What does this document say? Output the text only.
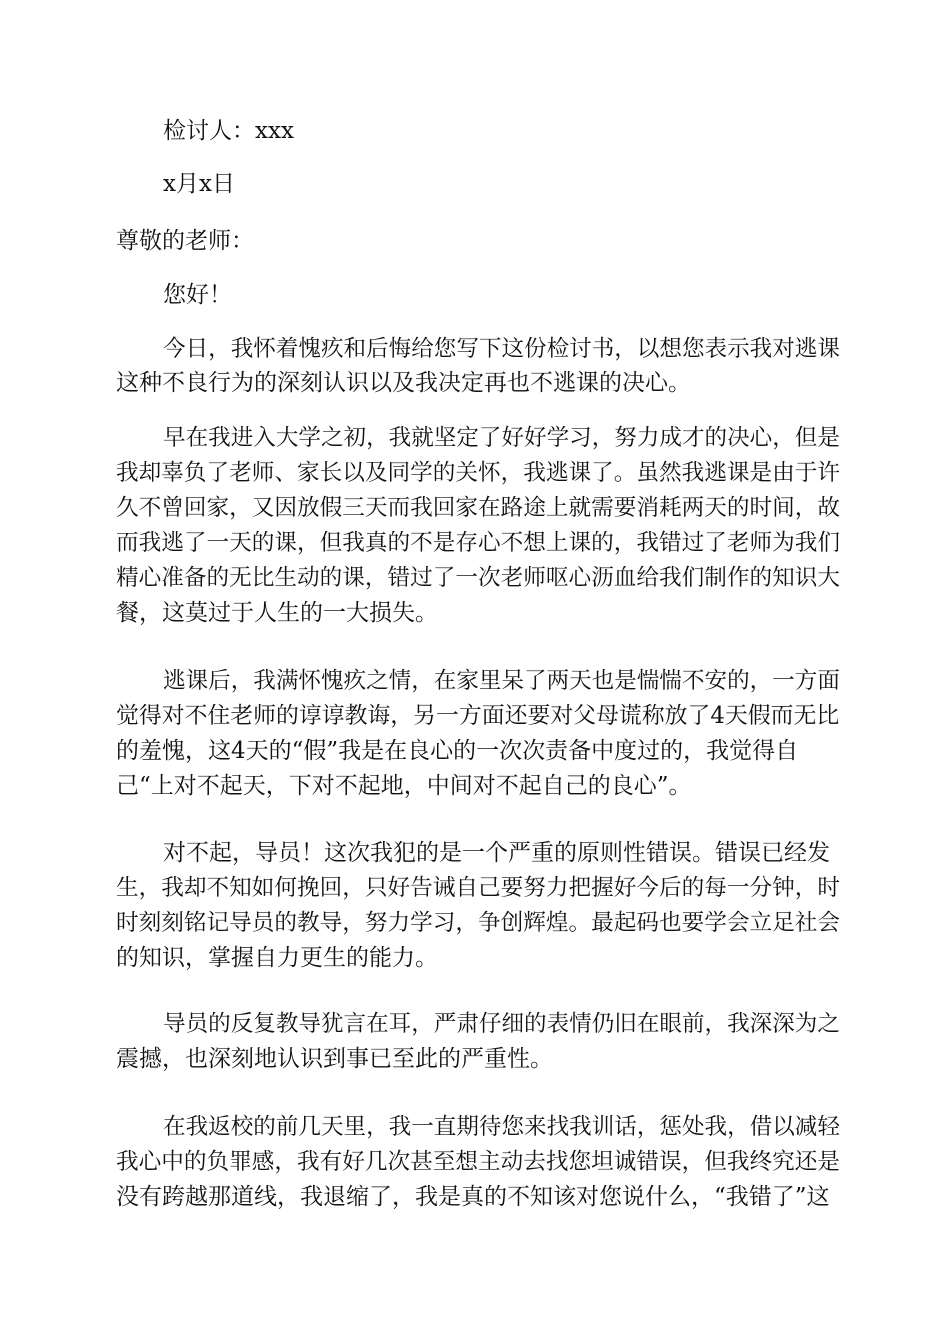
检讨人：xxx
x月x日
尊敬的老师：
您好！
今日，我怀着愧疚和后悔给您写下这份检讨书，以想您表示我对逃课
这种不良行为的深刻认识以及我决定再也不逃课的决心。
早在我进入大学之初，我就坚定了好好学习，努力成才的决心，但是
我却辜负了老师、家长以及同学的关怀，我逃课了。虽然我逃课是由于许
久不曾回家，又因放假三天而我回家在路途上就需要消耗两天的时间，故
而我逃了一天的课，但我真的不是存心不想上课的，我错过了老师为我们
精心准备的无比生动的课，错过了一次老师呕心沥血给我们制作的知识大
餐，这莫过于人生的一大损失。
逃课后，我满怀愧疚之情，在家里呆了两天也是惴惴不安的，一方面
觉得对不住老师的谆谆教诲，另一方面还要对父母谎称放了4天假而无比
的羞愧，这4天的“假”我是在良心的一次次责备中度过的，我觉得自
己“上对不起天，下对不起地，中间对不起自己的良心”。
对不起，导员！这次我犯的是一个严重的原则性错误。错误已经发
生，我却不知如何挽回，只好告诫自己要努力把握好今后的每一分钟，时
时刻刻铭记导员的教导，努力学习，争创辉煌。最起码也要学会立足社会
的知识，掌握自力更生的能力。
导员的反复教导犹言在耳，严肃仔细的表情仍旧在眼前，我深深为之
震撼，也深刻地认识到事已至此的严重性。
在我返校的前几天里，我一直期待您来找我训话，惩处我，借以减轻
我心中的负罪感，我有好几次甚至想主动去找您坦诚错误，但我终究还是
没有跨越那道线，我退缩了，我是真的不知该对您说什么，“我错了”这
